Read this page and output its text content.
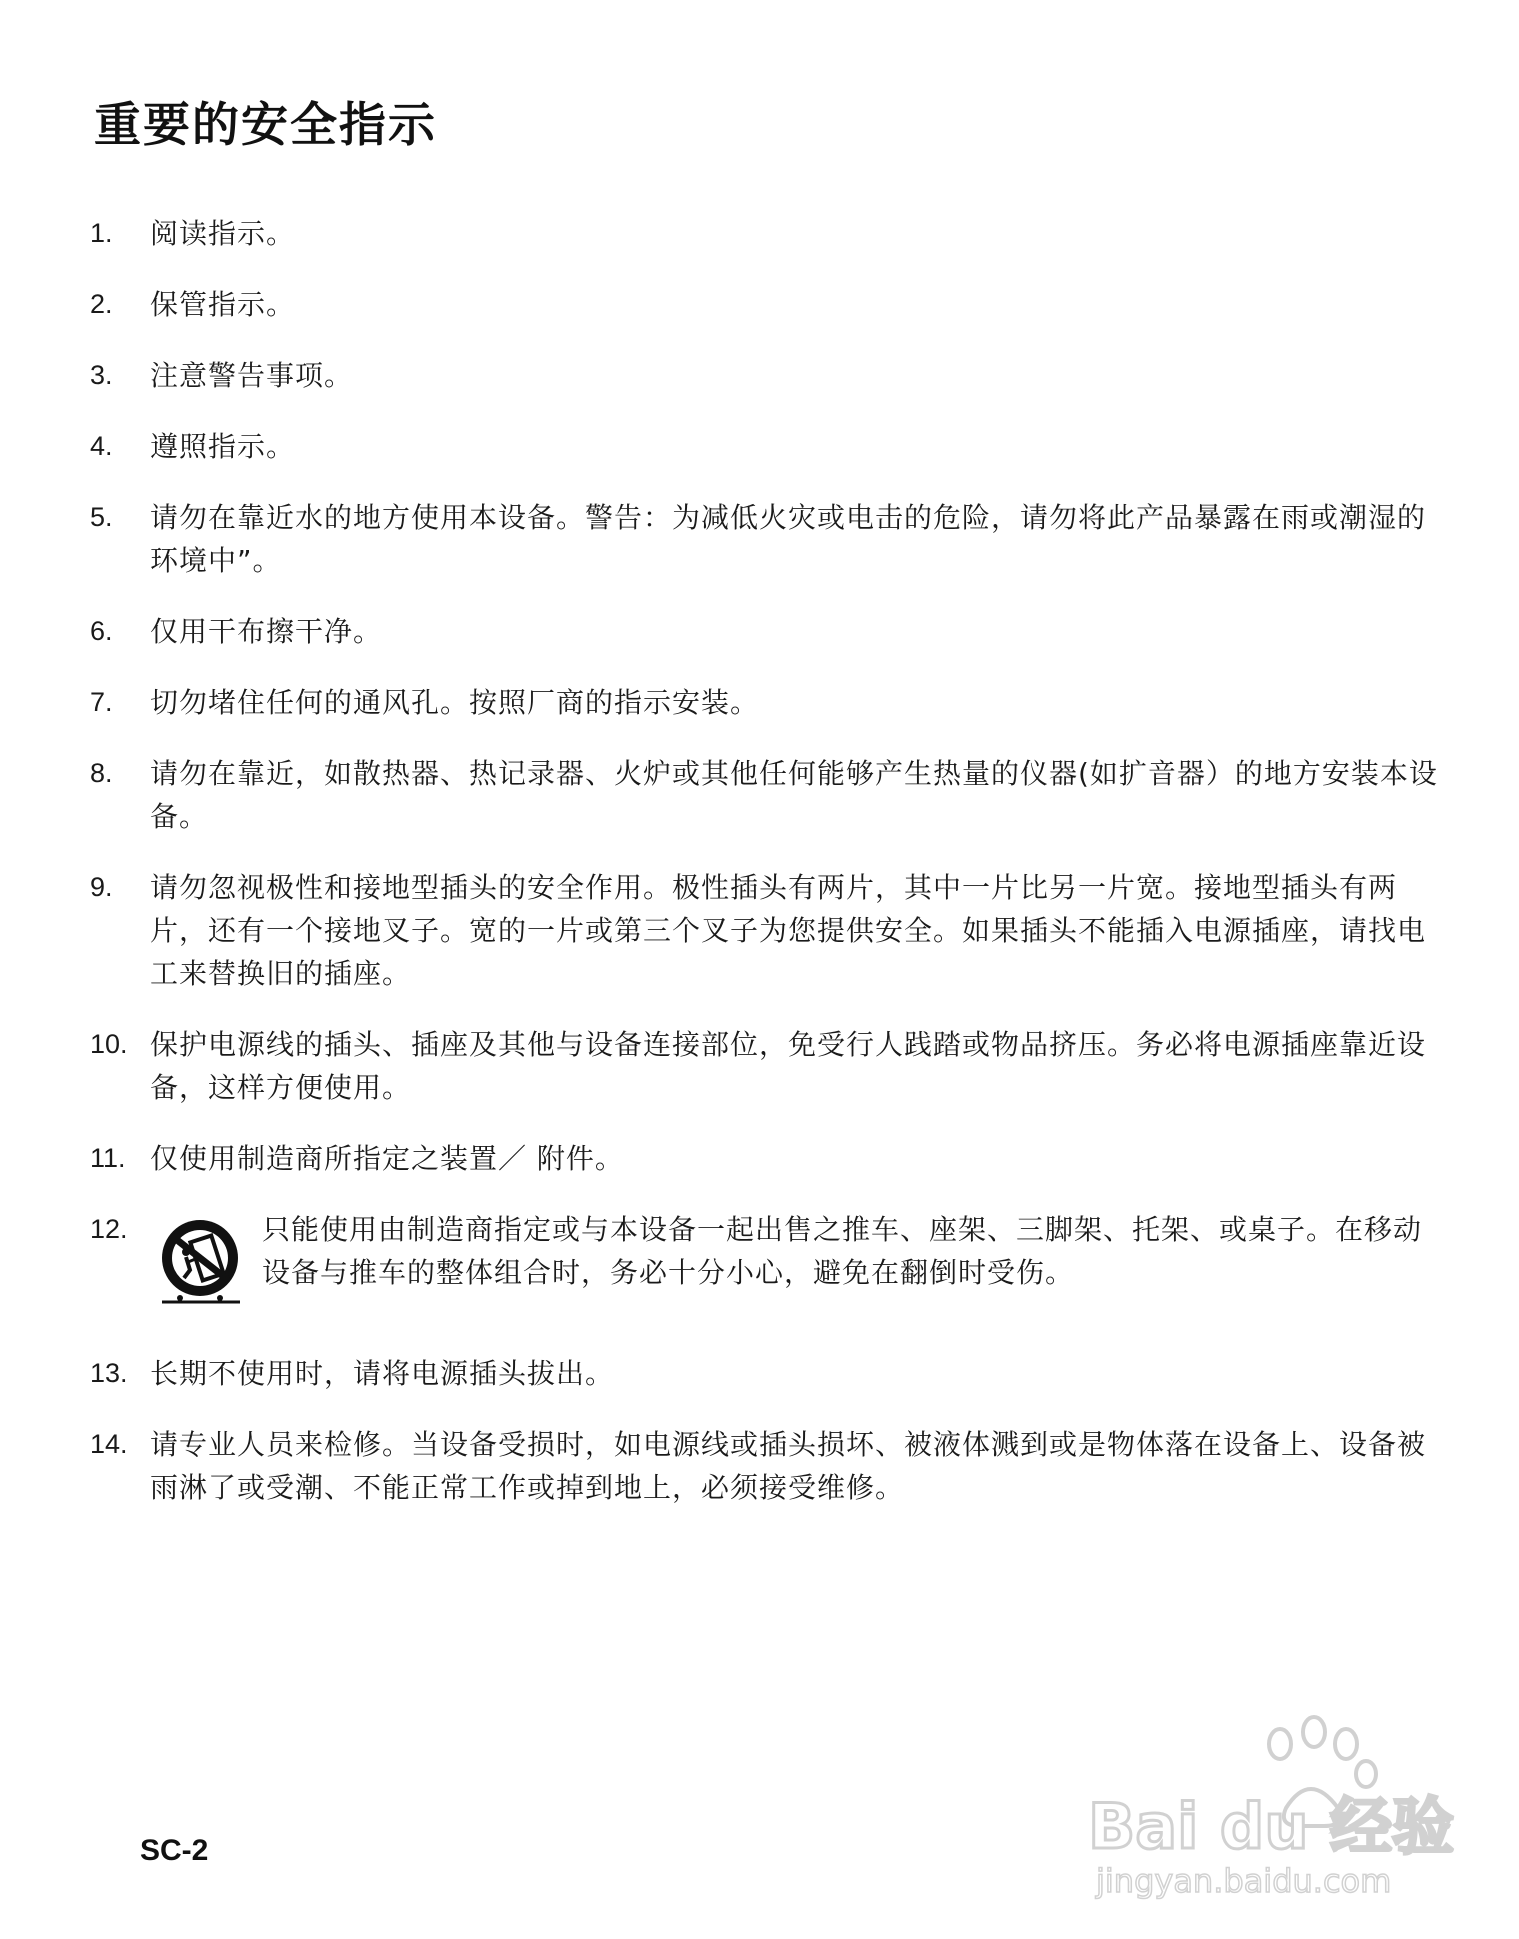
重要的安全指示
1.	阅读指示。
2.	保管指示。
3.	注意警告事项。
4.	遵照指示。
5.	请勿在靠近水的地方使用本设备。警告：为减低火灾或电击的危险，请勿将此产品暴露在雨或潮湿的环境中”。
6.	仅用干布擦干净。
7.	切勿堵住任何的通风孔。按照厂商的指示安装。
8.	请勿在靠近，如散热器、热记录器、火炉或其他任何能够产生热量的仪器(如扩音器）的地方安装本设备。
9.	请勿忽视极性和接地型插头的安全作用。极性插头有两片，其中一片比另一片宽。接地型插头有两片，还有一个接地叉子。宽的一片或第三个叉子为您提供安全。如果插头不能插入电源插座，请找电工来替换旧的插座。
10. 保护电源线的插头、插座及其他与设备连接部位，免受行人践踏或物品挤压。务必将电源插座靠近设备，这样方便使用。
11. 仅使用制造商所指定之装置／ 附件。
12.	只能使用由制造商指定或与本设备一起出售之推车、座架、三脚架、托架、或桌子。在移动设备与推车的整体组合时，务必十分小心，避免在翻倒时受伤。
13. 长期不使用时，请将电源插头拔出。
14. 请专业人员来检修。当设备受损时，如电源线或插头损坏、被液体溅到或是物体落在设备上、设备被雨淋了或受潮、不能正常工作或掉到地上，必须接受维修。
SC-2	Bai du 经验
jingyan.baidu.com
